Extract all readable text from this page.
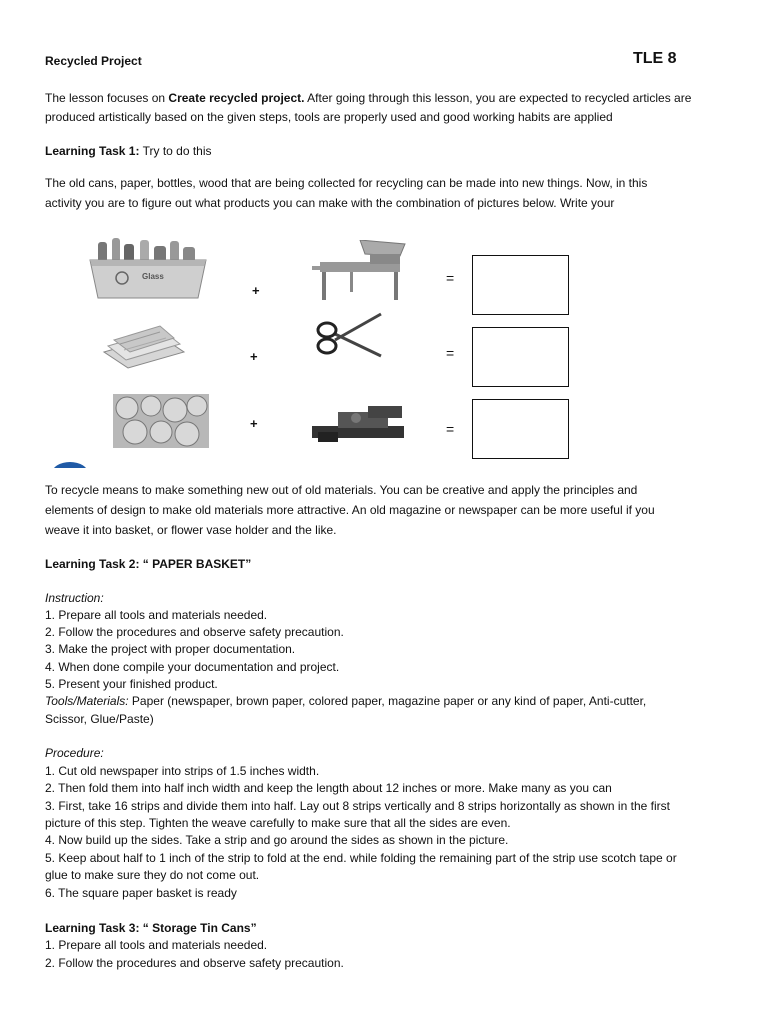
Recycled Project	TLE 8
The lesson focuses on Create recycled project. After going through this lesson, you are expected to recycled articles are
produced artistically based on the given steps, tools are properly used and good working habits are applied
Learning Task 1: Try to do this
The old cans, paper, bottles, wood that are being collected for recycling can be made into new things. Now, in this
activity you are to figure out what products you can make with the combination of pictures below. Write your
Glass
+
=
+	=
+	=
To recycle means to make something new out of old materials. You can be creative and apply the principles and
elements of design to make old materials more attractive. An old magazine or newspaper can be more useful if you
weave it into basket, or flower vase holder and the like.
Learning Task 2: “ PAPER BASKET”
Instruction:
1. Prepare all tools and materials needed.
2. Follow the procedures and observe safety precaution.
3. Make the project with proper documentation.
4. When done compile your documentation and project.
5. Present your finished product.
Tools/Materials: Paper (newspaper, brown paper, colored paper, magazine paper or any kind of paper, Anti-cutter,
Scissor, Glue/Paste)
Procedure:
1. Cut old newspaper into strips of 1.5 inches width.
2. Then fold them into half inch width and keep the length about 12 inches or more. Make many as you can
3. First, take 16 strips and divide them into half. Lay out 8 strips vertically and 8 strips horizontally as shown in the first
picture of this step. Tighten the weave carefully to make sure that all the sides are even.
4. Now build up the sides. Take a strip and go around the sides as shown in the picture.
5. Keep about half to 1 inch of the strip to fold at the end. while folding the remaining part of the strip use scotch tape or
glue to make sure they do not come out.
6. The square paper basket is ready
Learning Task 3: “ Storage Tin Cans”
1. Prepare all tools and materials needed.
2. Follow the procedures and observe safety precaution.
